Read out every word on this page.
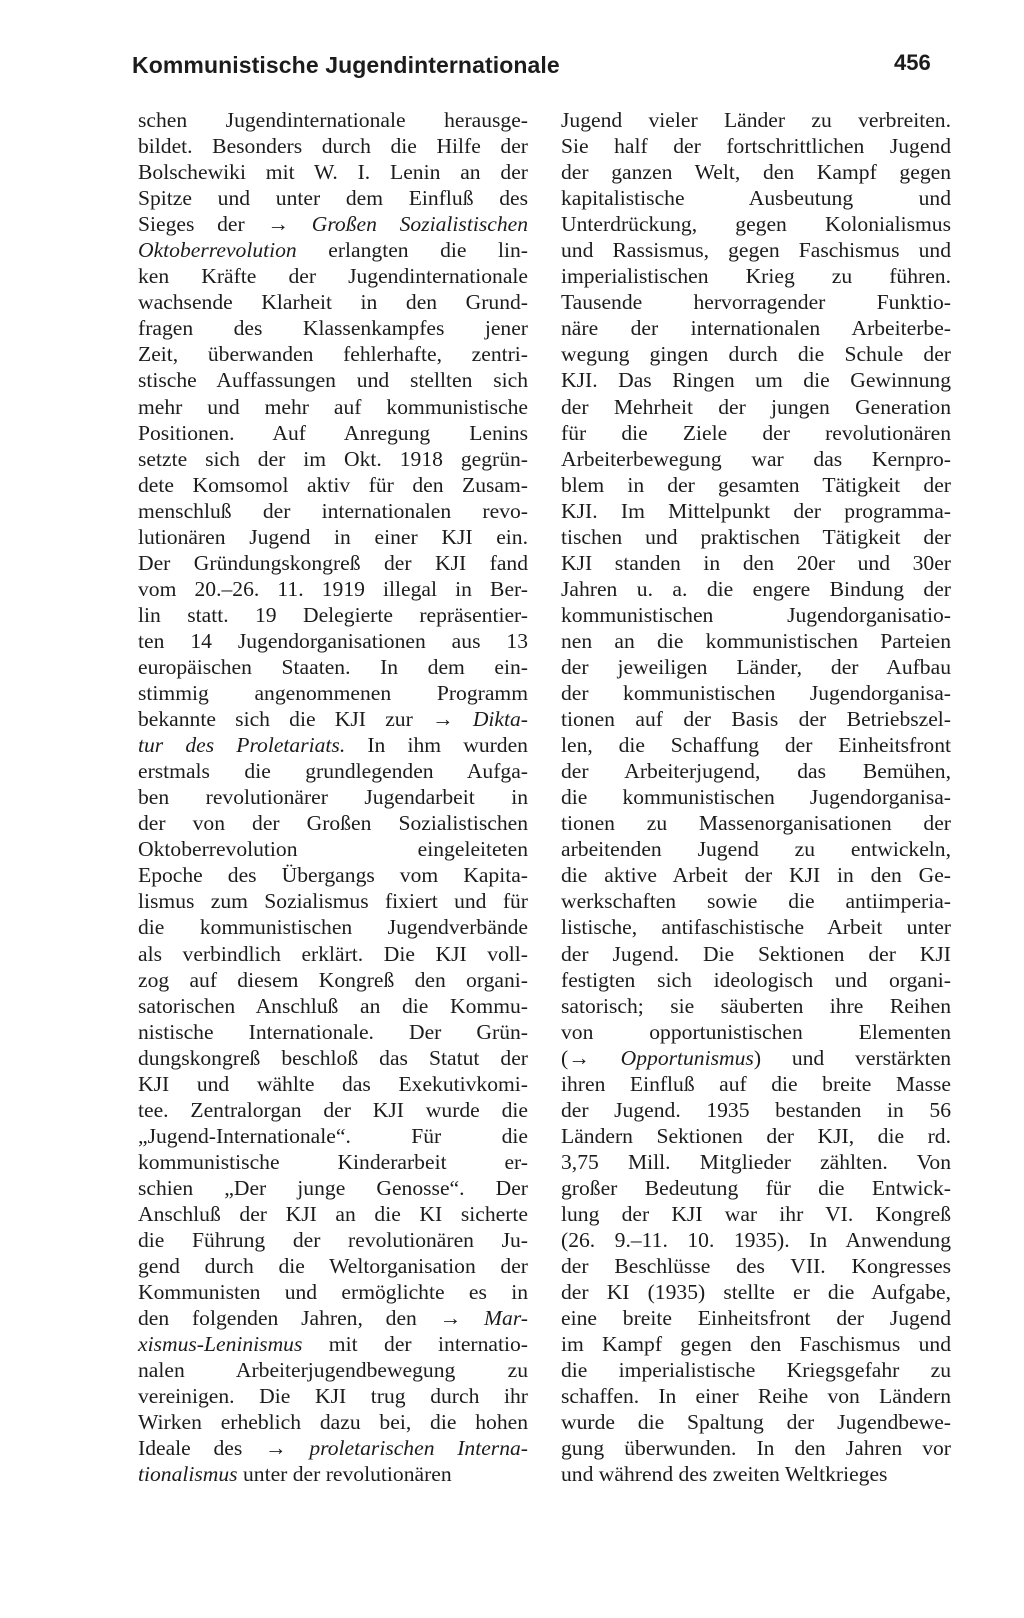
Kommunistische Jugendinternationale	456
schen Jugendinternationale herausge-
bildet. Besonders durch die Hilfe der
Bolschewiki mit W. I. Lenin an der
Spitze und unter dem Einfluß des
Sieges der → Großen Sozialistischen
Oktoberrevolution erlangten die lin-
ken Kräfte der Jugendinternationale
wachsende Klarheit in den Grund-
fragen des Klassenkampfes jener
Zeit, überwanden fehlerhafte, zentri-
stische Auffassungen und stellten sich
mehr und mehr auf kommunistische
Positionen. Auf Anregung Lenins
setzte sich der im Okt. 1918 gegrün-
dete Komsomol aktiv für den Zusam-
menschluß der internationalen revo-
lutionären Jugend in einer KJI ein.
Der Gründungskongreß der KJI fand
vom 20.–26. 11. 1919 illegal in Ber-
lin statt. 19 Delegierte repräsentier-
ten 14 Jugendorganisationen aus 13
europäischen Staaten. In dem ein-
stimmig angenommenen Programm
bekannte sich die KJI zur → Dikta-
tur des Proletariats. In ihm wurden
erstmals die grundlegenden Aufga-
ben revolutionärer Jugendarbeit in
der von der Großen Sozialistischen
Oktoberrevolution eingeleiteten
Epoche des Übergangs vom Kapita-
lismus zum Sozialismus fixiert und für
die kommunistischen Jugendverbände
als verbindlich erklärt. Die KJI voll-
zog auf diesem Kongreß den organi-
satorischen Anschluß an die Kommu-
nistische Internationale. Der Grün-
dungskongreß beschloß das Statut der
KJI und wählte das Exekutivkomi-
tee. Zentralorgan der KJI wurde die
„Jugend-Internationale“. Für die
kommunistische Kinderarbeit er-
schien „Der junge Genosse“. Der
Anschluß der KJI an die KI sicherte
die Führung der revolutionären Ju-
gend durch die Weltorganisation der
Kommunisten und ermöglichte es in
den folgenden Jahren, den → Mar-
xismus-Leninismus mit der internatio-
nalen Arbeiterjugendbewegung zu
vereinigen. Die KJI trug durch ihr
Wirken erheblich dazu bei, die hohen
Ideale des → proletarischen Interna-
tionalismus unter der revolutionären
Jugend vieler Länder zu verbreiten.
Sie half der fortschrittlichen Jugend
der ganzen Welt, den Kampf gegen
kapitalistische Ausbeutung und
Unterdrückung, gegen Kolonialismus
und Rassismus, gegen Faschismus und
imperialistischen Krieg zu führen.
Tausende hervorragender Funktio-
näre der internationalen Arbeiterbe-
wegung gingen durch die Schule der
KJI. Das Ringen um die Gewinnung
der Mehrheit der jungen Generation
für die Ziele der revolutionären
Arbeiterbewegung war das Kernpro-
blem in der gesamten Tätigkeit der
KJI. Im Mittelpunkt der programma-
tischen und praktischen Tätigkeit der
KJI standen in den 20er und 30er
Jahren u. a. die engere Bindung der
kommunistischen Jugendorganisatio-
nen an die kommunistischen Parteien
der jeweiligen Länder, der Aufbau
der kommunistischen Jugendorganisa-
tionen auf der Basis der Betriebszel-
len, die Schaffung der Einheitsfront
der Arbeiterjugend, das Bemühen,
die kommunistischen Jugendorganisa-
tionen zu Massenorganisationen der
arbeitenden Jugend zu entwickeln,
die aktive Arbeit der KJI in den Ge-
werkschaften sowie die antiimperia-
listische, antifaschistische Arbeit unter
der Jugend. Die Sektionen der KJI
festigten sich ideologisch und organi-
satorisch; sie säuberten ihre Reihen
von opportunistischen Elementen
(→ Opportunismus) und verstärkten
ihren Einfluß auf die breite Masse
der Jugend. 1935 bestanden in 56
Ländern Sektionen der KJI, die rd.
3,75 Mill. Mitglieder zählten. Von
großer Bedeutung für die Entwick-
lung der KJI war ihr VI. Kongreß
(26. 9.–11. 10. 1935). In Anwendung
der Beschlüsse des VII. Kongresses
der KI (1935) stellte er die Aufgabe,
eine breite Einheitsfront der Jugend
im Kampf gegen den Faschismus und
die imperialistische Kriegsgefahr zu
schaffen. In einer Reihe von Ländern
wurde die Spaltung der Jugendbewe-
gung überwunden. In den Jahren vor
und während des zweiten Weltkrieges
